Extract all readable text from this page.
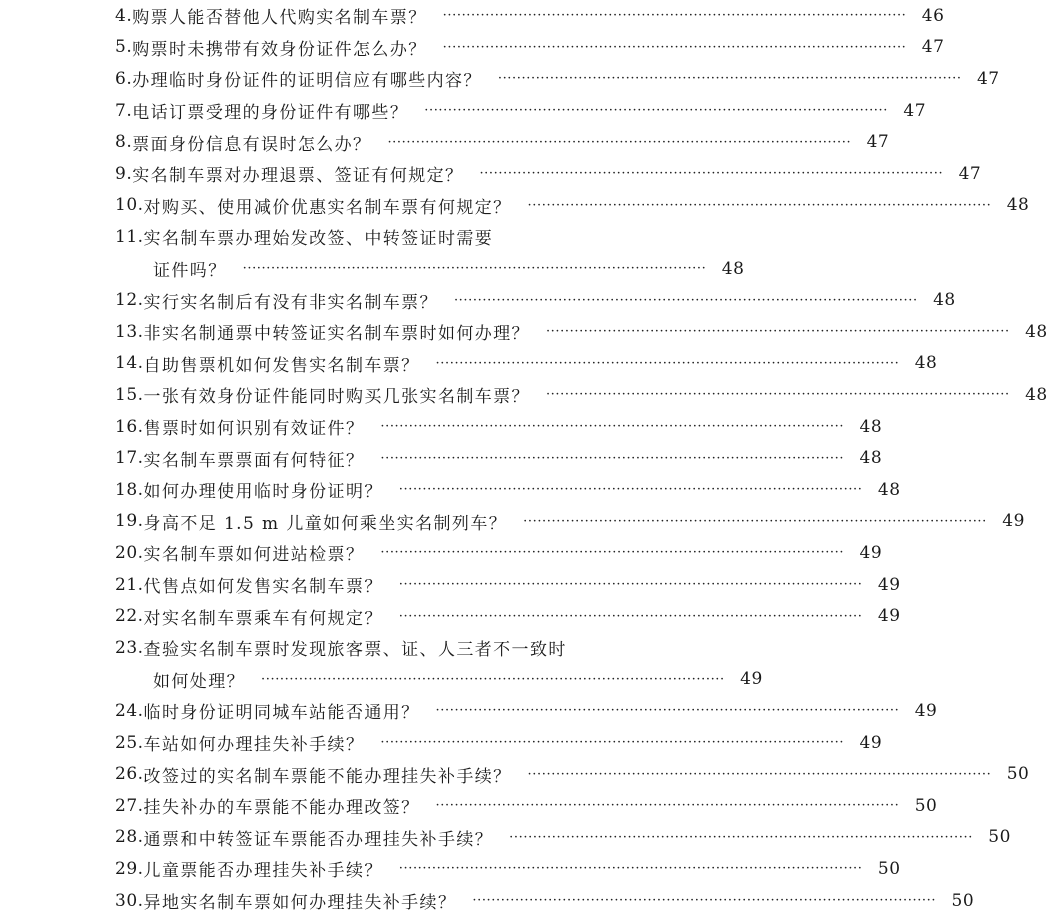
4. 购票人能否替他人代购实名制车票？ ·································································································· 46
5. 购票时未携带有效身份证件怎么办？ ·································································································· 47
6. 办理临时身份证件的证明信应有哪些内容？ ·································································································· 47
7. 电话订票受理的身份证件有哪些？ ·································································································· 47
8. 票面身份信息有误时怎么办？ ·································································································· 47
9. 实名制车票对办理退票、签证有何规定？ ·································································································· 47
10. 对购买、使用减价优惠实名制车票有何规定？ ·································································································· 48
11. 实名制车票办理始发改签、中转签证时需要
证件吗？ ·································································································· 48
12. 实行实名制后有没有非实名制车票？ ·································································································· 48
13. 非实名制通票中转签证实名制车票时如何办理？ ·································································································· 48
14. 自助售票机如何发售实名制车票？ ·································································································· 48
15. 一张有效身份证件能同时购买几张实名制车票？ ·································································································· 48
16. 售票时如何识别有效证件？ ·································································································· 48
17. 实名制车票票面有何特征？ ·································································································· 48
18. 如何办理使用临时身份证明？ ·································································································· 48
19. 身高不足 1.5 m 儿童如何乘坐实名制列车？ ·································································································· 49
20. 实名制车票如何进站检票？ ·································································································· 49
21. 代售点如何发售实名制车票？ ·································································································· 49
22. 对实名制车票乘车有何规定？ ·································································································· 49
23. 查验实名制车票时发现旅客票、证、人三者不一致时
如何处理？ ·································································································· 49
24. 临时身份证明同城车站能否通用？ ·································································································· 49
25. 车站如何办理挂失补手续？ ·································································································· 49
26. 改签过的实名制车票能不能办理挂失补手续？ ·································································································· 50
27. 挂失补办的车票能不能办理改签？ ·································································································· 50
28. 通票和中转签证车票能否办理挂失补手续？ ·································································································· 50
29. 儿童票能否办理挂失补手续？ ·································································································· 50
30. 异地实名制车票如何办理挂失补手续？ ·································································································· 50
